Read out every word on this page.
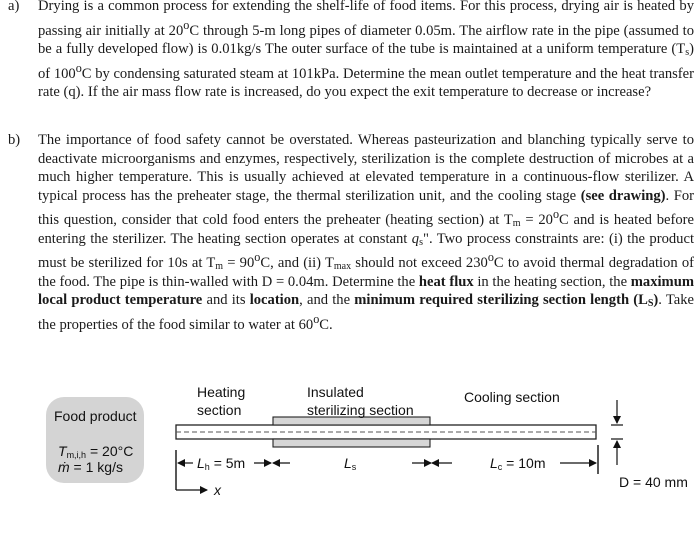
a) Drying is a common process for extending the shelf-life of food items. For this process, drying air is heated by passing air initially at 20$^o$C through 5-m long pipes of diameter 0.05m. The airflow rate in the pipe (assumed to be a fully developed flow) is 0.01kg/s The outer surface of the tube is maintained at a uniform temperature $(T_s)$ of 100$^o$C by condensing saturated steam at 101kPa. Determine the mean outlet temperature and the heat transfer rate (q). If the air mass flow rate is increased, do you expect the exit temperature to decrease or increase?
b) The importance of food safety cannot be overstated. Whereas pasteurization and blanching typically serve to deactivate microorganisms and enzymes, respectively, sterilization is the complete destruction of microbes at a much higher temperature. This is usually achieved at elevated temperature in a continuous-flow sterilizer. A typical process has the preheater stage, the thermal sterilization unit, and the cooling stage (see drawing). For this question, consider that cold food enters the preheater (heating section) at $T_m = 20^oC$ and is heated before entering the sterilizer. The heating section operates at constant $q_s$". Two process constraints are: (i) the product must be sterilized for 10s at $T_m = 90^oC$, and (ii) $T_{max}$ should not exceed 230$^o$C to avoid thermal degradation of the food. The pipe is thin-walled with D = 0.04m. Determine the heat flux in the heating section, the maximum local product temperature and its location, and the minimum required sterilizing section length $(L_S)$. Take the properties of the food similar to water at 60$^o$C.
Food product
$T_{m,i,h} = 20^\circ C$
ṁ = 1 kg/s
Heating
section
Insulated
sterilizing section
Cooling section
$L_h = 5m$	$L_s$	$L_c = 10m$
x	D = 40 mm
